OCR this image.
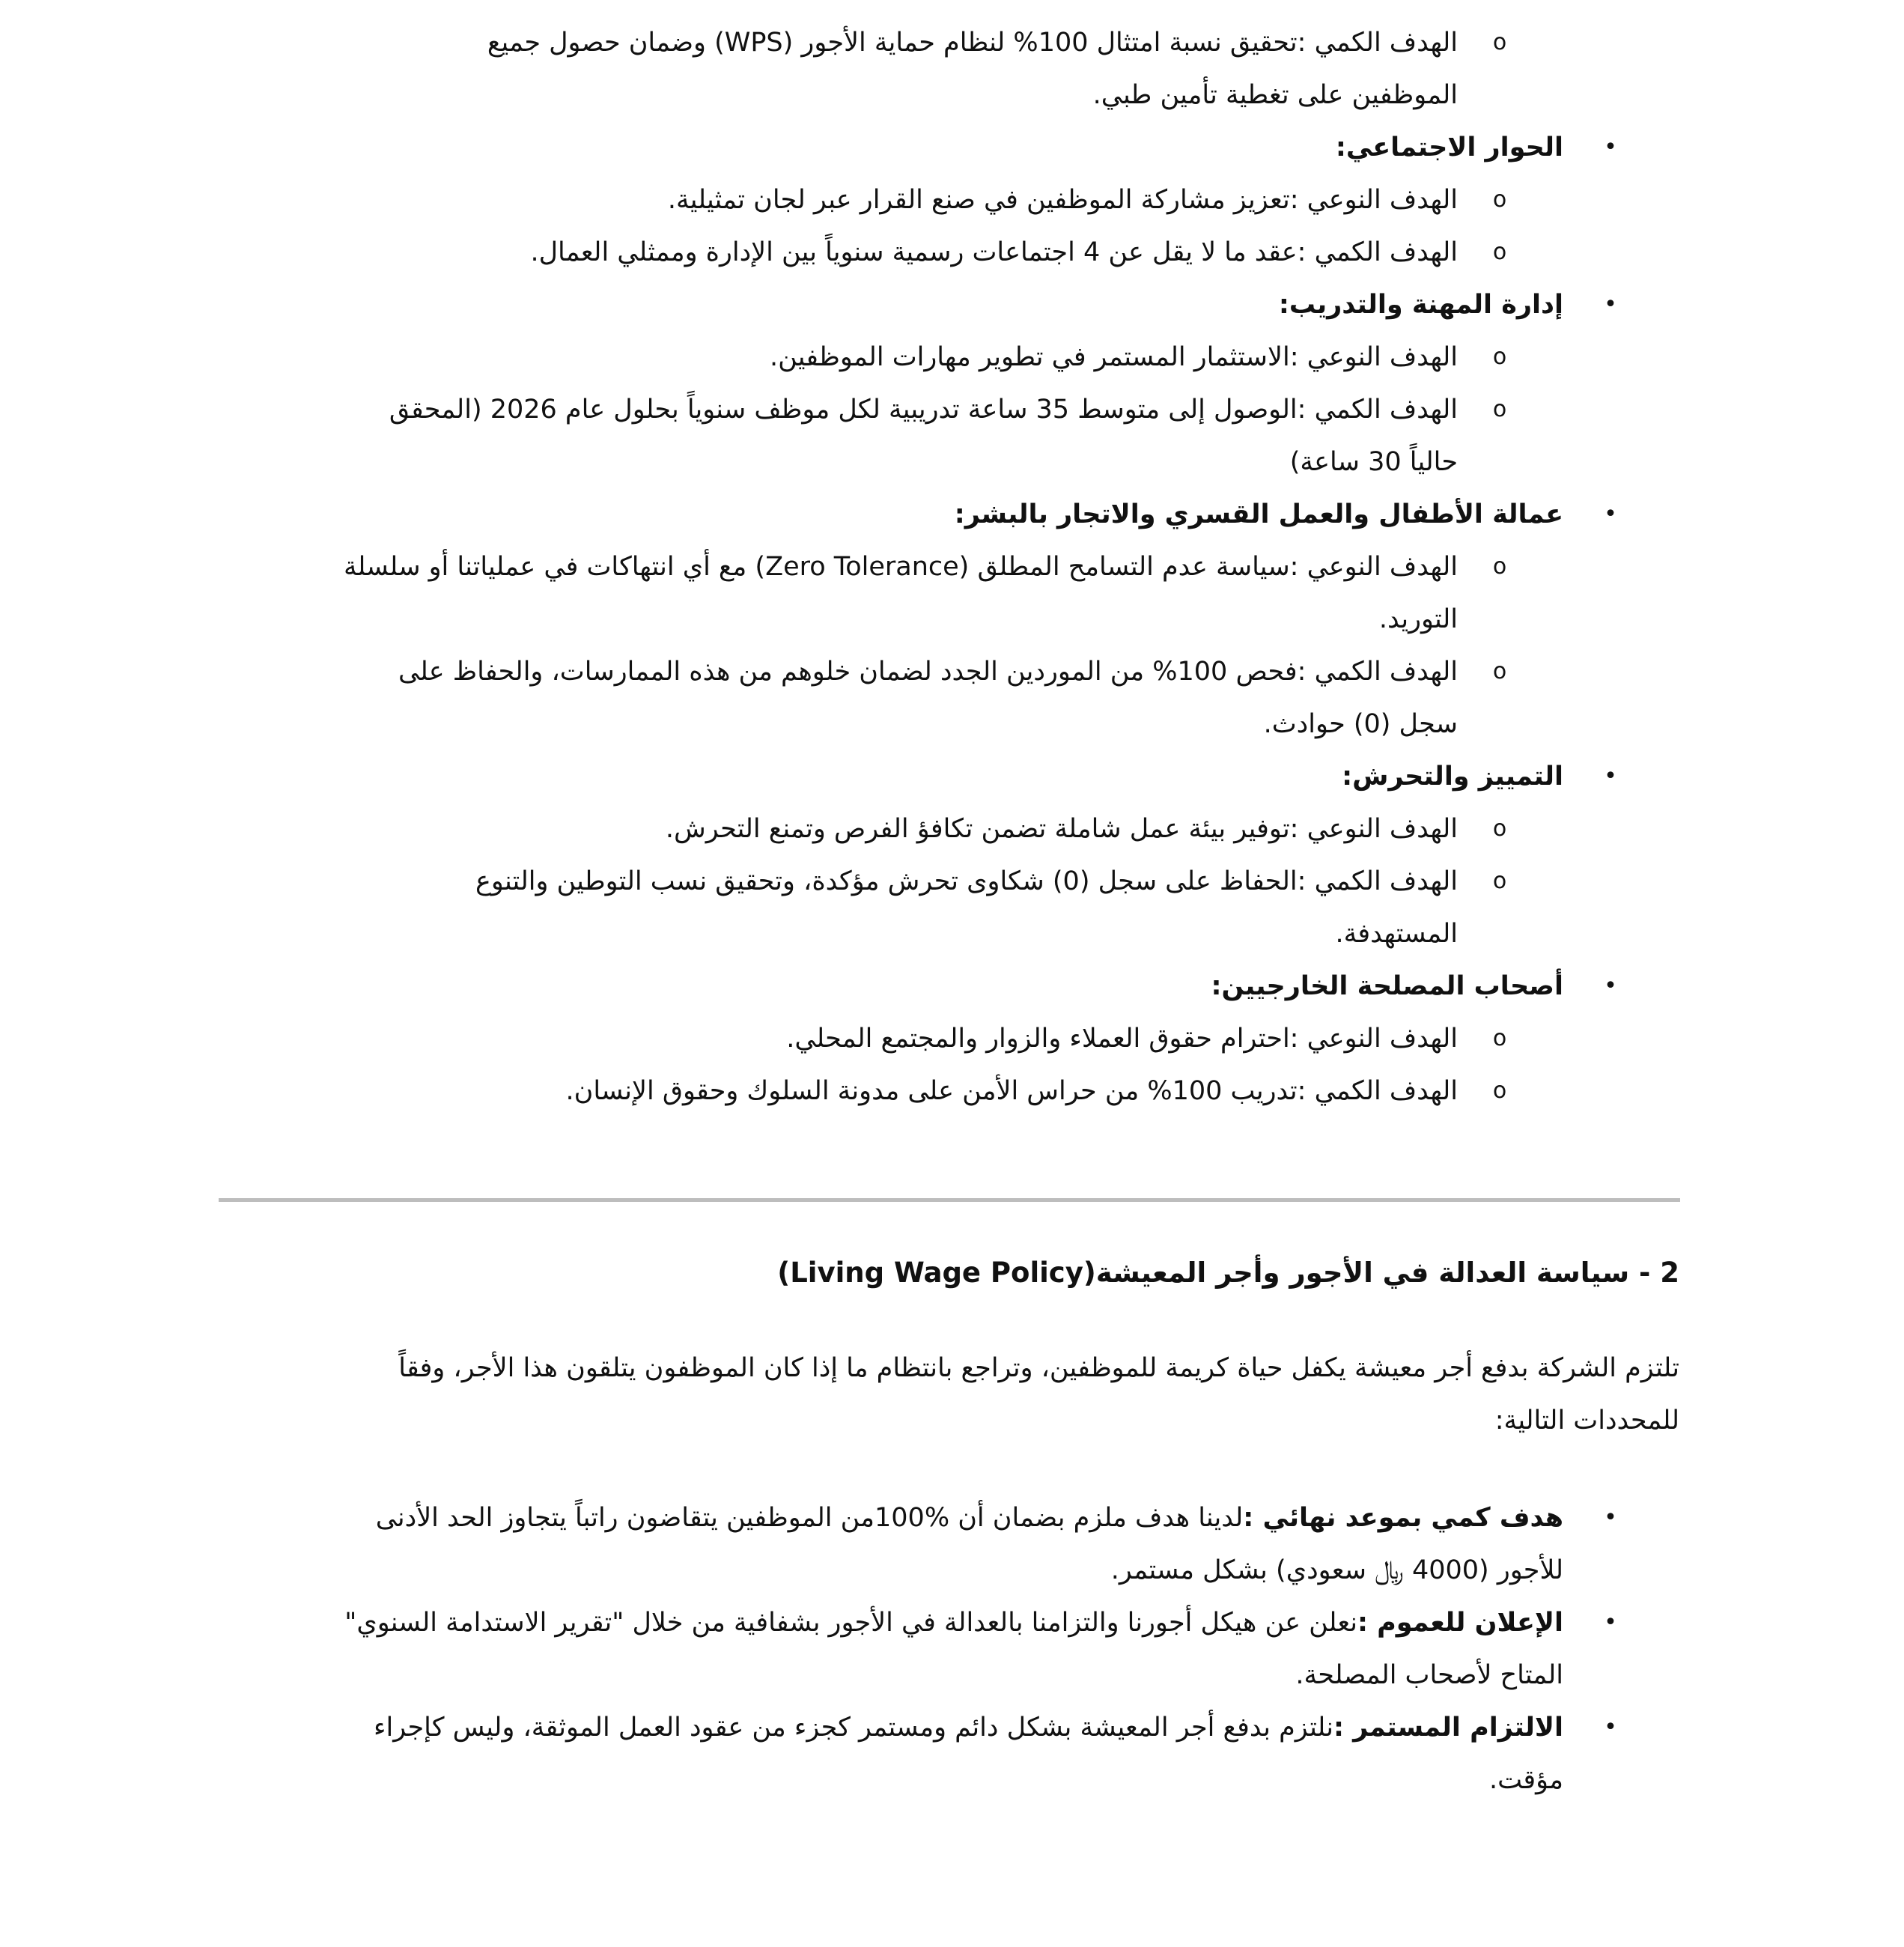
o
الهدف الكمي :تحقيق نسبة امتثال 100% لنظام حماية الأجور (WPS) وضمان حصول جميع
الموظفين على تغطية تأمين طبي.
•
الحوار الاجتماعي:
o
الهدف النوعي :تعزيز مشاركة الموظفين في صنع القرار عبر لجان تمثيلية.
o
الهدف الكمي :عقد ما لا يقل عن 4 اجتماعات رسمية سنوياً بين الإدارة وممثلي العمال.
•
إدارة المهنة والتدريب:
o
الهدف النوعي :الاستثمار المستمر في تطوير مهارات الموظفين.
o
الهدف الكمي :الوصول إلى متوسط 35 ساعة تدريبية لكل موظف سنوياً بحلول عام 2026 (المحقق
حالياً 30 ساعة)
•
عمالة الأطفال والعمل القسري والاتجار بالبشر:
o
الهدف النوعي :سياسة عدم التسامح المطلق (Zero Tolerance) مع أي انتهاكات في عملياتنا أو سلسلة
التوريد.
o
الهدف الكمي :فحص 100% من الموردين الجدد لضمان خلوهم من هذه الممارسات، والحفاظ على
سجل (0) حوادث.
•
التمييز والتحرش:
o
الهدف النوعي :توفير بيئة عمل شاملة تضمن تكافؤ الفرص وتمنع التحرش.
o
الهدف الكمي :الحفاظ على سجل (0) شكاوى تحرش مؤكدة، وتحقيق نسب التوطين والتنوع
المستهدفة.
•
أصحاب المصلحة الخارجيين:
o
الهدف النوعي :احترام حقوق العملاء والزوار والمجتمع المحلي.
o
الهدف الكمي :تدريب 100% من حراس الأمن على مدونة السلوك وحقوق الإنسان.
2 - سياسة العدالة في الأجور وأجر المعيشة(Living Wage Policy)
تلتزم الشركة بدفع أجر معيشة يكفل حياة كريمة للموظفين، وتراجع بانتظام ما إذا كان الموظفون يتلقون هذا الأجر، وفقاً
للمحددات التالية:
•
هدف كمي بموعد نهائي :لدينا هدف ملزم بضمان أن %100من الموظفين يتقاضون راتباً يتجاوز الحد الأدنى
للأجور (4000 ﷼ سعودي) بشكل مستمر.
•
الإعلان للعموم :نعلن عن هيكل أجورنا والتزامنا بالعدالة في الأجور بشفافية من خلال "تقرير الاستدامة السنوي"
المتاح لأصحاب المصلحة.
•
الالتزام المستمر :نلتزم بدفع أجر المعيشة بشكل دائم ومستمر كجزء من عقود العمل الموثقة، وليس كإجراء
مؤقت.
